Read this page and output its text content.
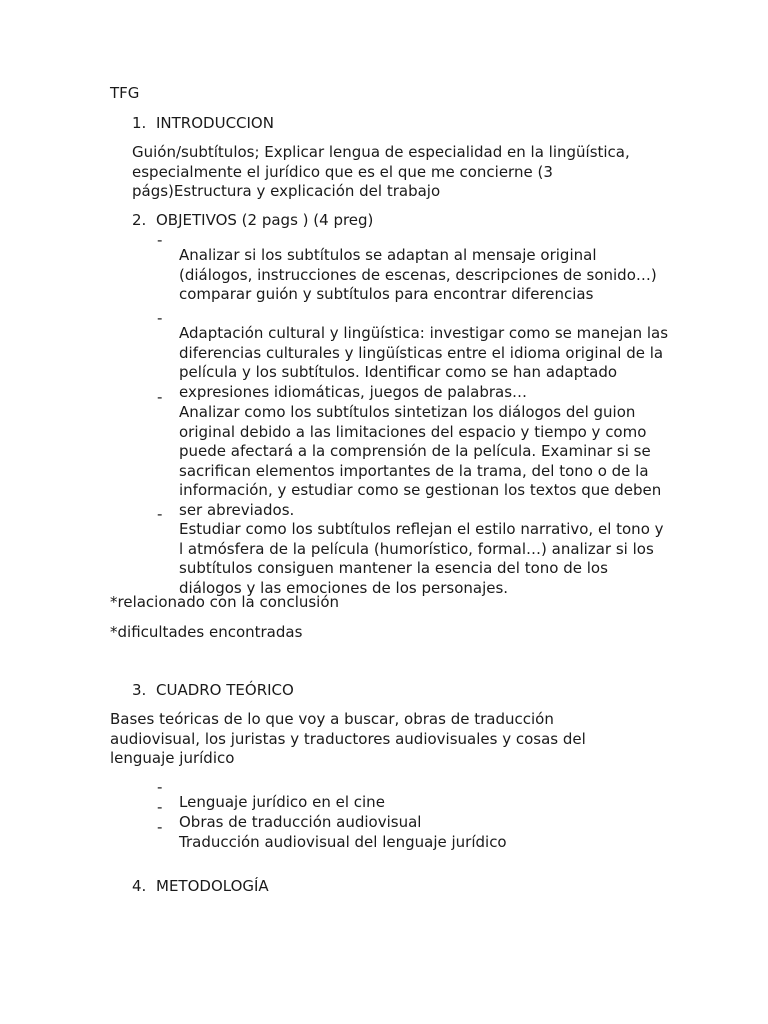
TFG
1. INTRODUCCION

Guión/subtítulos; Explicar lengua de especialidad en la lingüística, especialmente el jurídico que es el que me concierne (3 págs)Estructura y explicación del trabajo

2. OBJETIVOS (2 pags ) (4 preg)
-

Analizar si los subtítulos se adaptan al mensaje original (diálogos, instrucciones de escenas, descripciones de sonido…) comparar guión y subtítulos para encontrar diferencias

-

Adaptación cultural y lingüística: investigar como se manejan las diferencias culturales y lingüísticas entre el idioma original de la película y los subtítulos. Identificar como se han adaptado expresiones idiomáticas, juegos de palabras…

-

Analizar como los subtítulos sintetizan los diálogos del guion original debido a las limitaciones del espacio y tiempo y como puede afectará a la comprensión de la película. Examinar si se sacrifican elementos importantes de la trama, del tono o de la información, y estudiar como se gestionan los textos que deben ser abreviados.

-

Estudiar como los subtítulos reflejan el estilo narrativo, el tono y l atmósfera de la película (humorístico, formal…) analizar si los subtítulos consiguen mantener la esencia del tono de los diálogos y las emociones de los personajes.

*relacionado con la conclusión
*dificultades encontradas
3. CUADRO TEÓRICO

Bases teóricas de lo que voy a buscar, obras de traducción audiovisual, los juristas y traductores audiovisuales y cosas del lenguaje jurídico

-

Lenguaje jurídico en el cine

-

Obras de traducción audiovisual

-

Traducción audiovisual del lenguaje jurídico

4. METODOLOGÍA
